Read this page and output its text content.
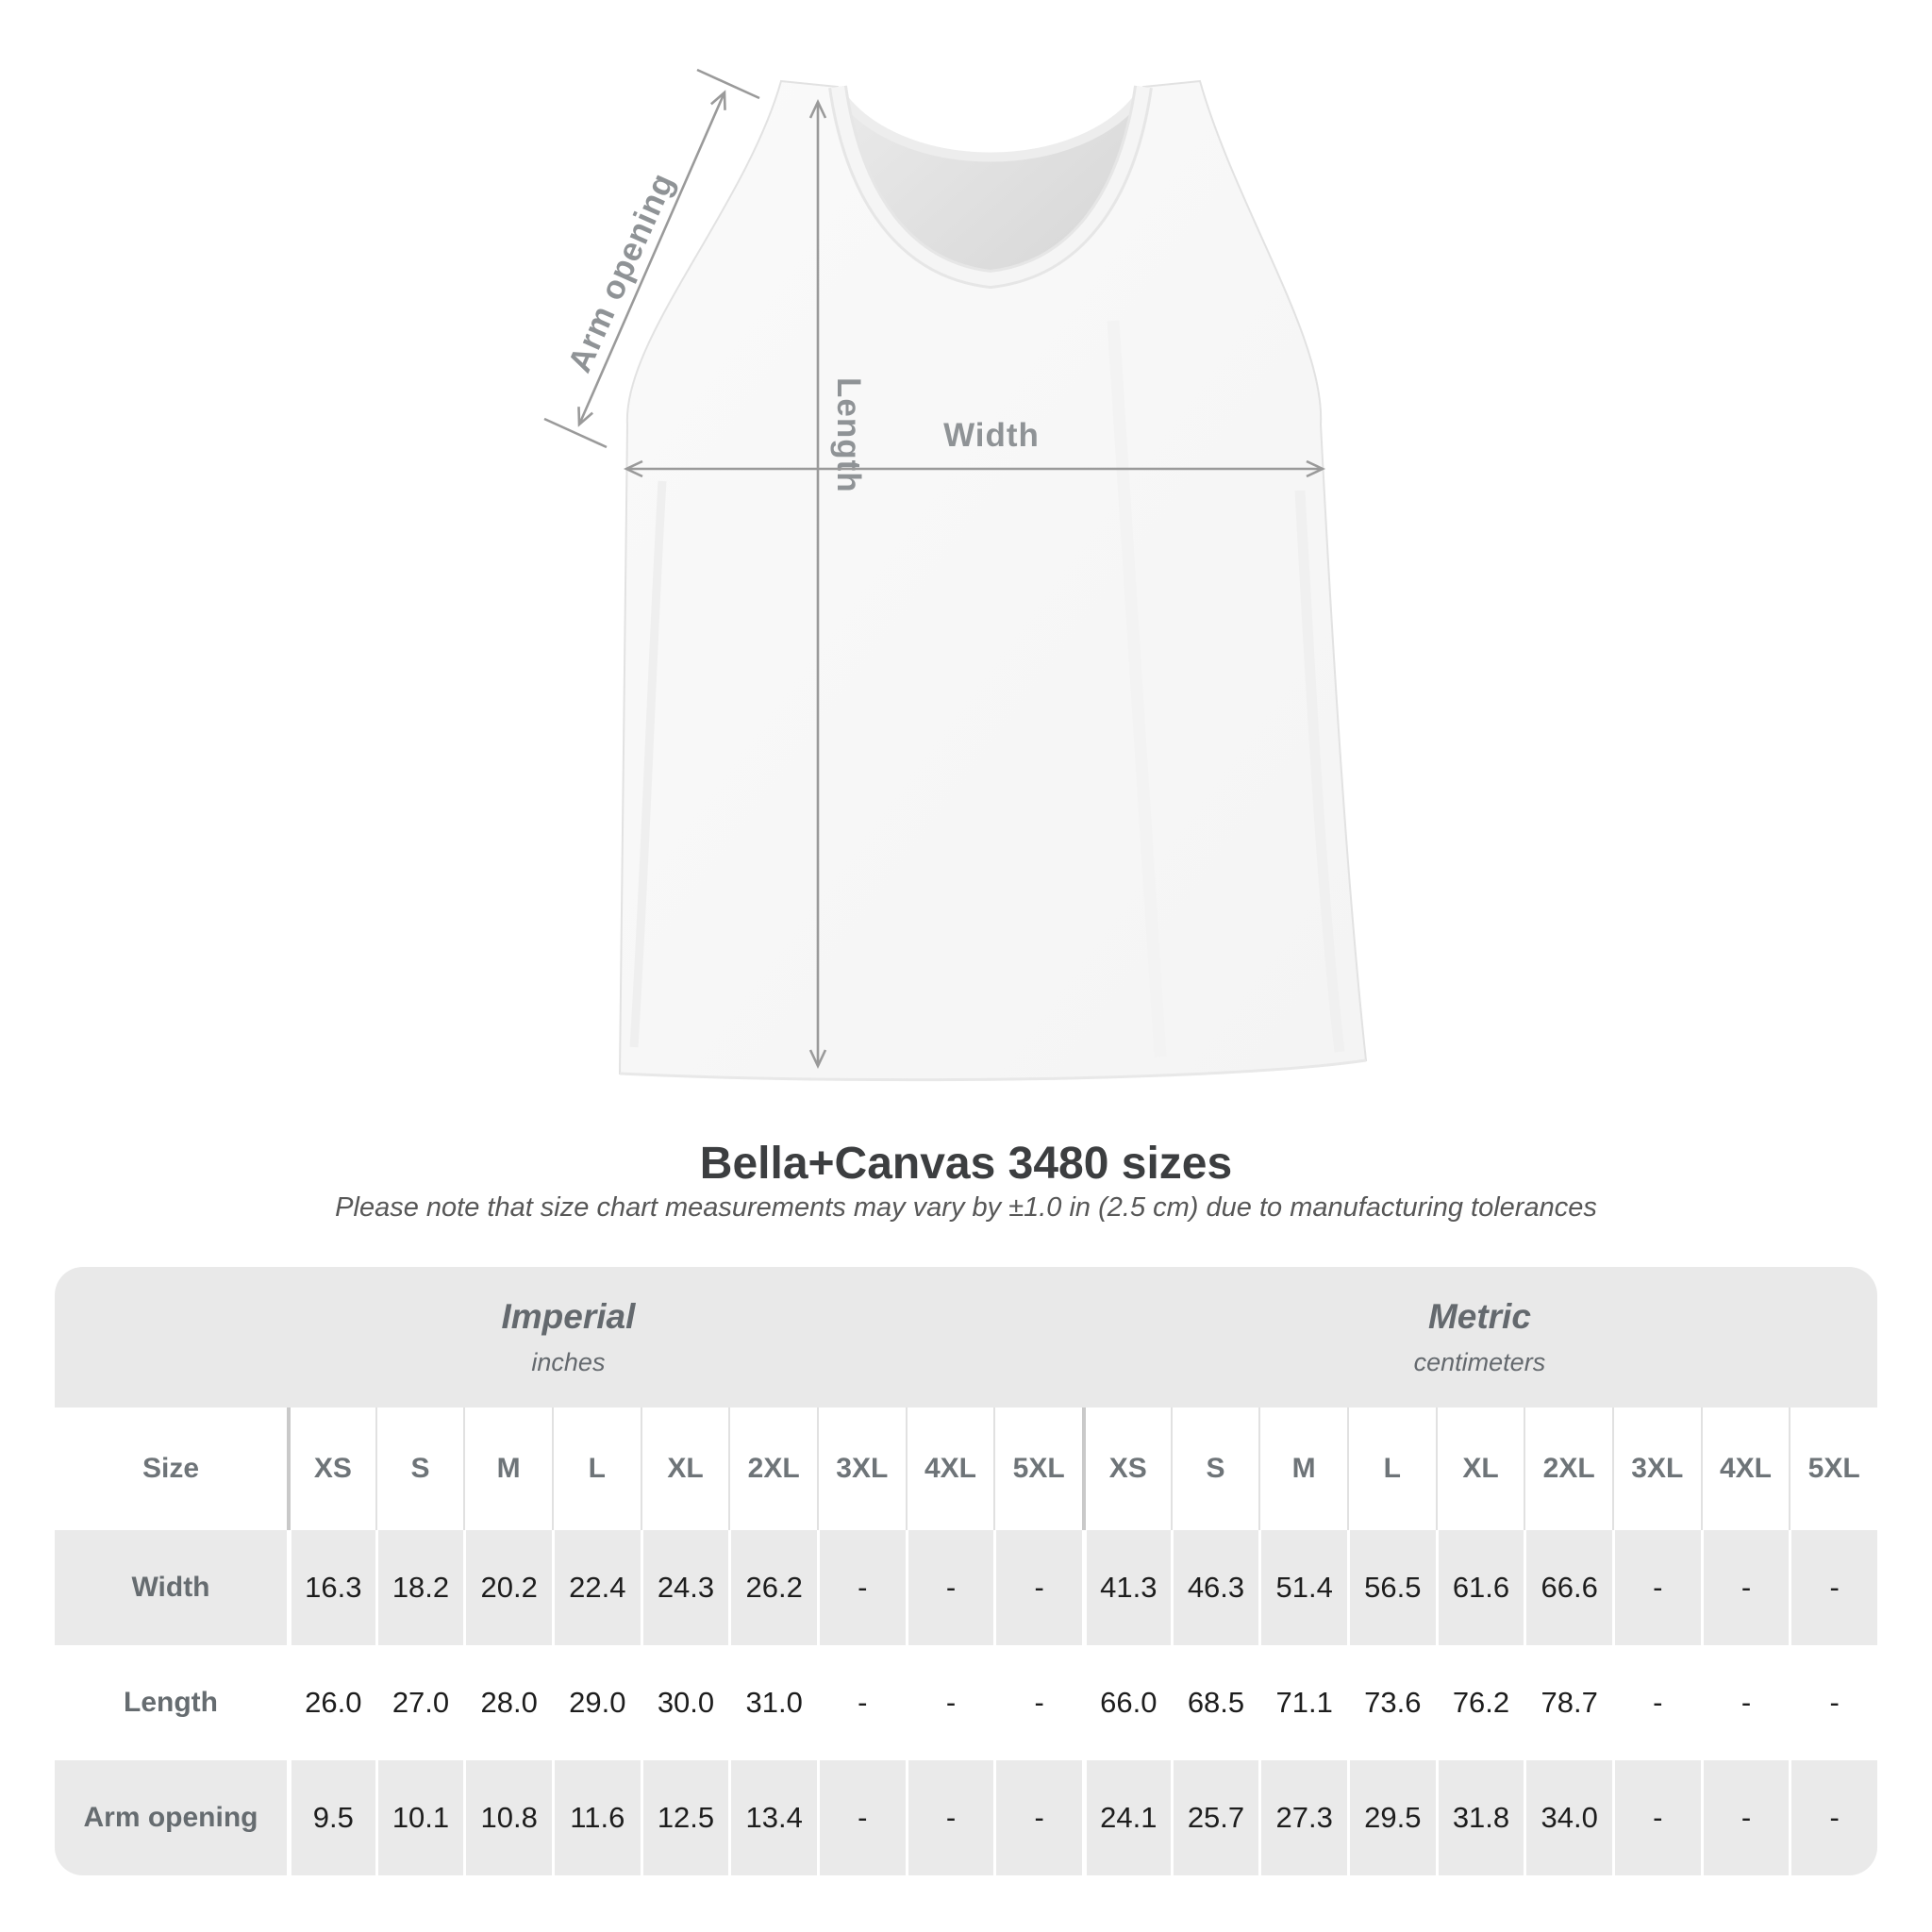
Arm opening
Length Width
Bella+Canvas 3480 sizes
Please note that size chart measurements may vary by ±1.0 in (2.5 cm) due to manufacturing tolerances
Imperial
inches
Metric
centimeters
Size	XS	S	M	L	XL	2XL	3XL	4XL	5XL	XS	S	M	L	XL	2XL	3XL	4XL	5XL
Width	16.3	18.2	20.2	22.4	24.3	26.2	-	-	-	41.3	46.3	51.4	56.5	61.6	66.6	-	-	-
Length	26.0	27.0	28.0	29.0	30.0	31.0	-	-	-	66.0	68.5	71.1	73.6	76.2	78.7	-	-	-
Arm opening	9.5	10.1	10.8	11.6	12.5	13.4	-	-	-	24.1	25.7	27.3	29.5	31.8	34.0	-	-	-
